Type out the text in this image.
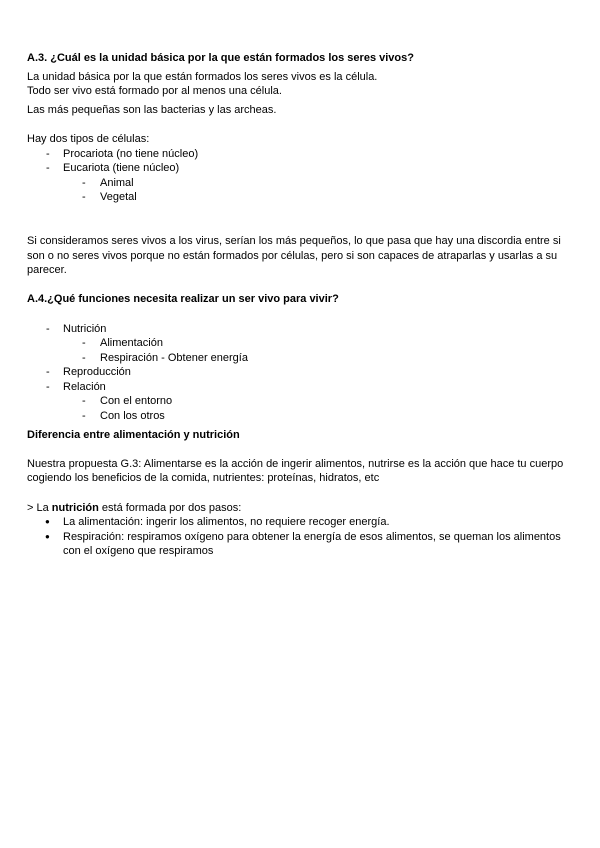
A.3. ¿Cuál es la unidad básica por la que están formados los seres vivos?

La unidad básica por la que están formados los seres vivos es la célula.

Todo ser vivo está formado por al menos una célula.

Las más pequeñas son las bacterias y las archeas.

Hay dos tipos de células:

- Procariota (no tiene núcleo)
- Eucariota (tiene núcleo)
- Animal
- Vegetal

Si consideramos seres vivos a los virus, serían los más pequeños, lo que pasa que hay una discordia entre si son o no seres vivos porque no están formados por células, pero si son capaces de atraparlas y usarlas a su parecer.

A.4.¿Qué funciones necesita realizar un ser vivo para vivir?
- Nutrición
- Alimentación
- Respiración - Obtener energía
- Reproducción
- Relación
- Con el entorno
- Con los otros
Diferencia entre alimentación y nutrición

Nuestra propuesta G.3: Alimentarse es la acción de ingerir alimentos, nutrirse es la acción que hace tu cuerpo cogiendo los beneficios de la comida, nutrientes: proteínas, hidratos, etc

> La nutrición está formada por dos pasos:

● La alimentación: ingerir los alimentos, no requiere recoger energía.
● Respiración: respiramos oxígeno para obtener la energía de esos alimentos, se queman los alimentos con el oxígeno que respiramos
